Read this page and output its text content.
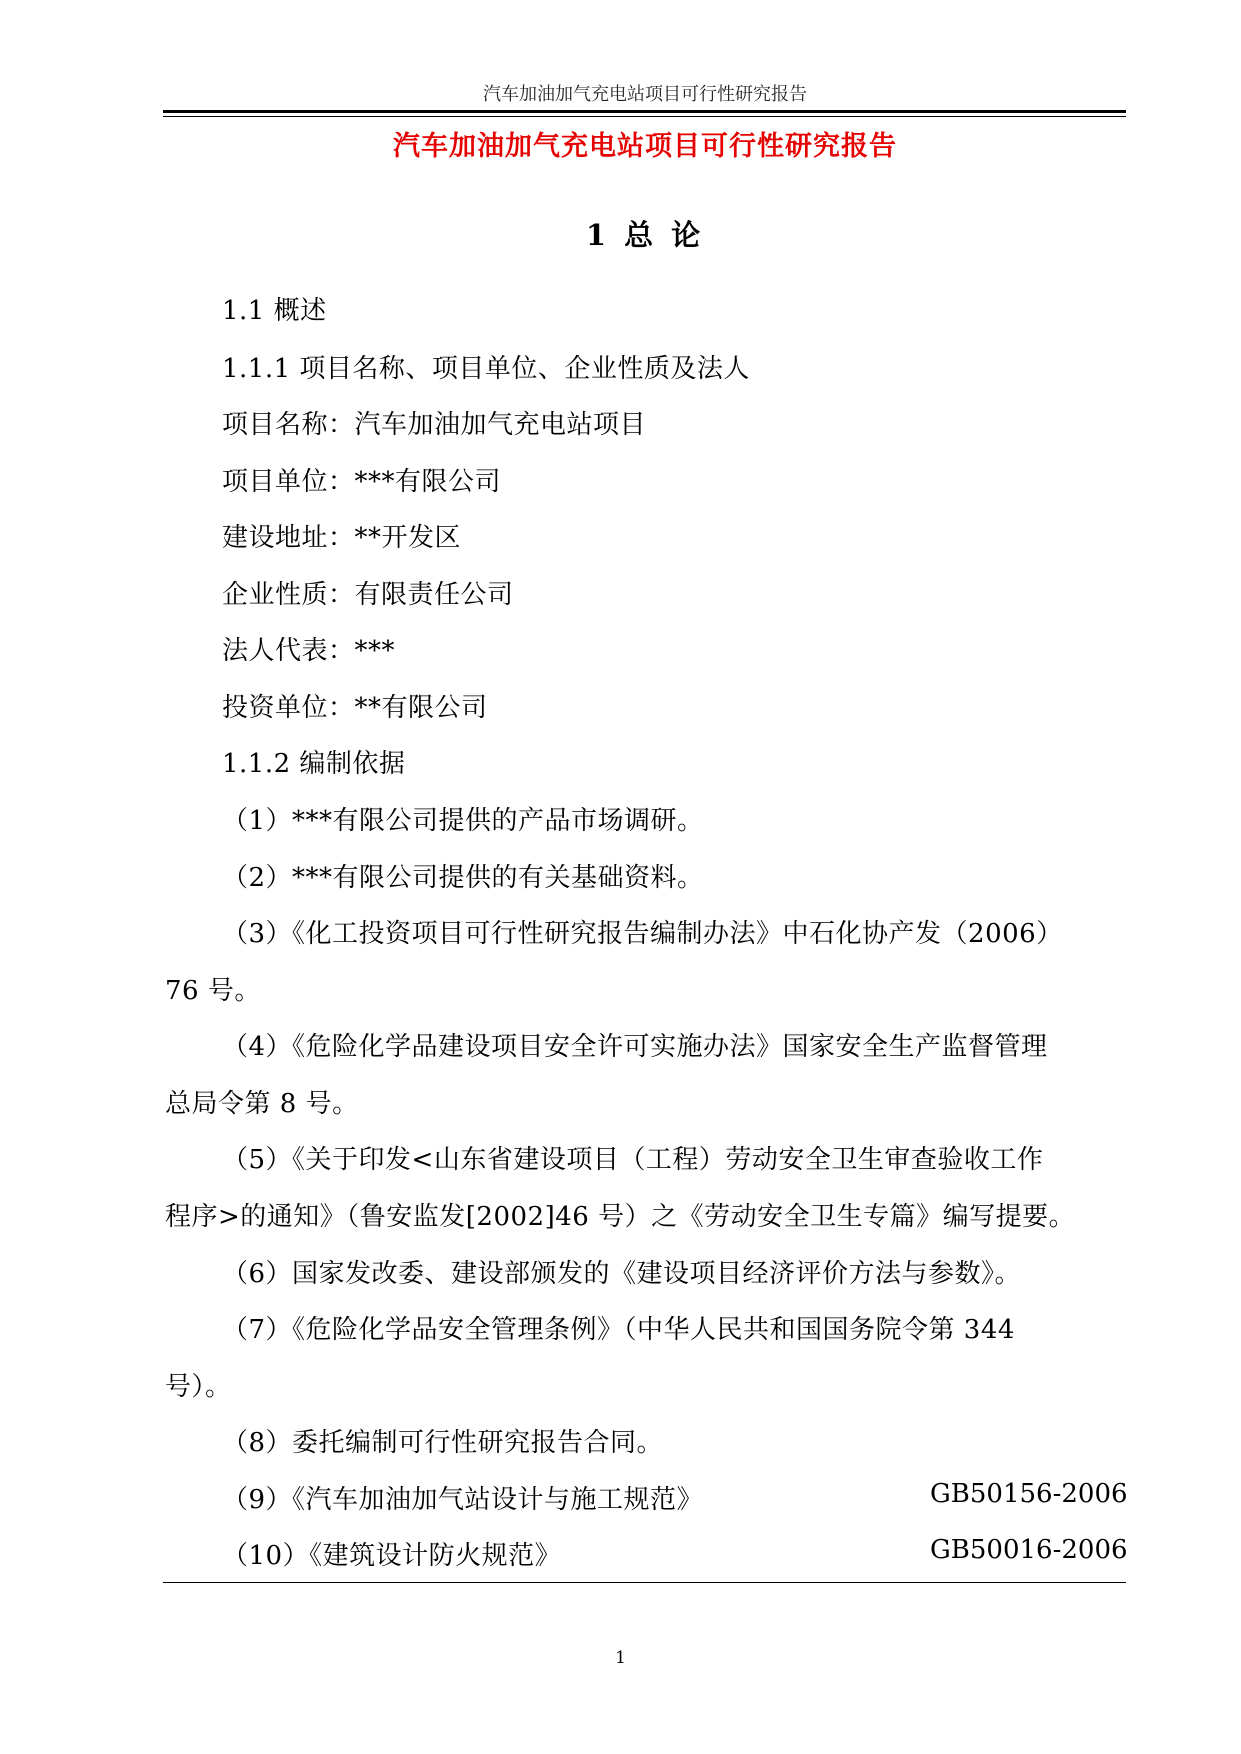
汽车加油加气充电站项目可行性研究报告
汽车加油加气充电站项目可行性研究报告
1 总 论
1.1 概述
1.1.1 项目名称、项目单位、企业性质及法人
项目名称：汽车加油加气充电站项目
项目单位：***有限公司
建设地址：**开发区
企业性质：有限责任公司
法人代表：***
投资单位：**有限公司
1.1.2 编制依据
（1）***有限公司提供的产品市场调研。
（2）***有限公司提供的有关基础资料。
（3）《化工投资项目可行性研究报告编制办法》中石化协产发（2006）
76 号。
（4）《危险化学品建设项目安全许可实施办法》国家安全生产监督管理
总局令第 8 号。
（5）《关于印发<山东省建设项目（工程）劳动安全卫生审查验收工作
程序>的通知》（鲁安监发[2002]46 号）之《劳动安全卫生专篇》编写提要。
（6）国家发改委、建设部颁发的《建设项目经济评价方法与参数》。
（7）《危险化学品安全管理条例》（中华人民共和国国务院令第 344
号）。
（8）委托编制可行性研究报告合同。
（9）《汽车加油加气站设计与施工规范》	GB50156-2006
（10）《建筑设计防火规范》	GB50016-2006
1
